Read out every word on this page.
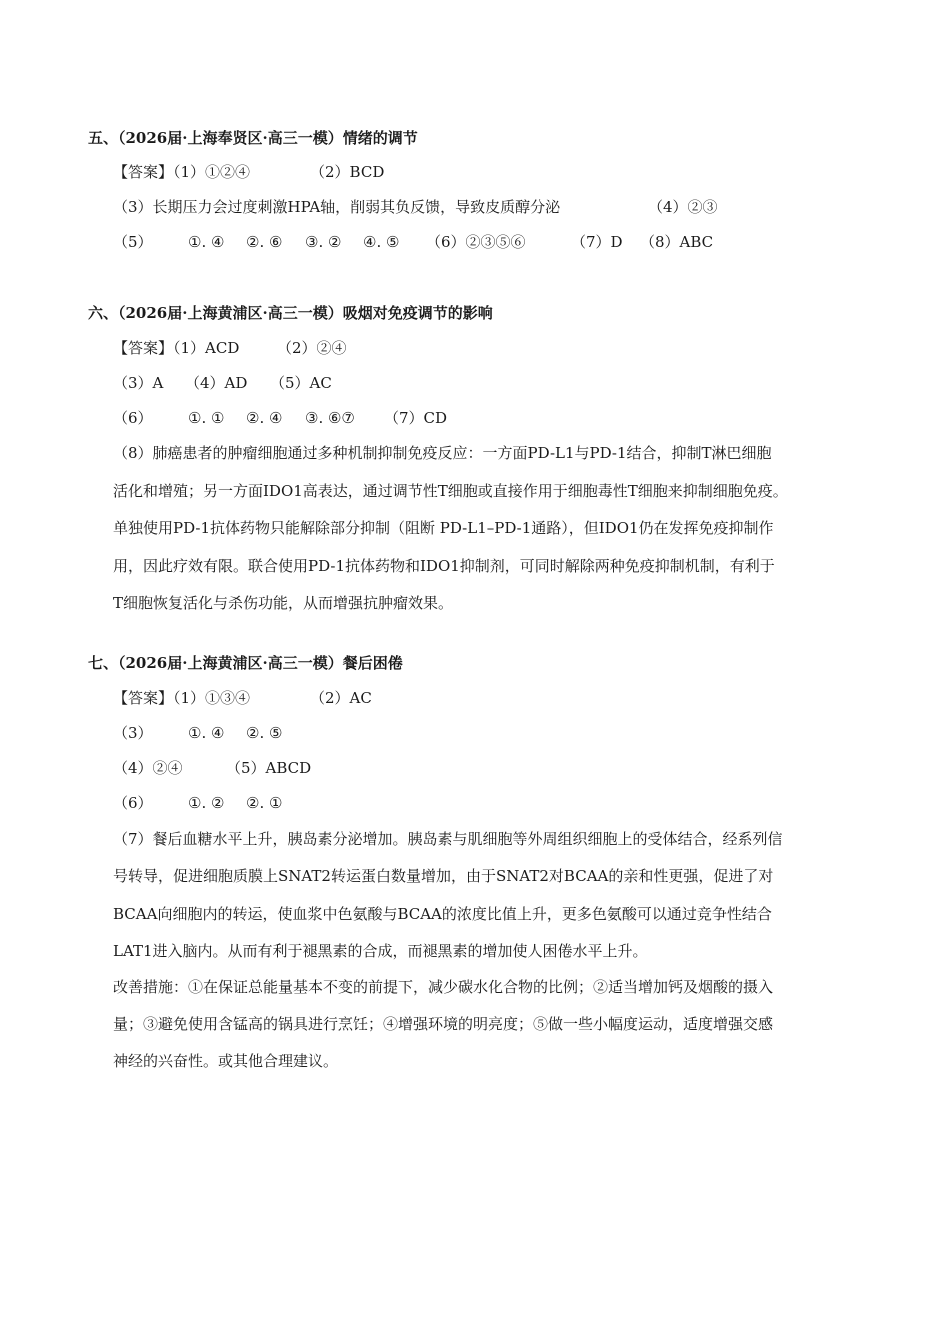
五、（2026届·上海奉贤区·高三一模）情绪的调节
【答案】（1）①②④	（2）BCD
（3）长期压力会过度刺激HPA轴，削弱其负反馈，导致皮质醇分泌	（4）②③
（5） ①. ④ ②. ⑥ ③. ② ④. ⑤ （6）②③⑤⑥	（7）D （8）ABC
六、（2026届·上海黄浦区·高三一模）吸烟对免疫调节的影响
【答案】（1）ACD	（2）②④
（3）A （4）AD （5）AC
（6） ①. ① ②. ④ ③. ⑥⑦ （7）CD
（8）肺癌患者的肿瘤细胞通过多种机制抑制免疫反应：一方面PD-L1与PD-1结合，抑制T淋巴细胞
活化和增殖；另一方面IDO1高表达，通过调节性T细胞或直接作用于细胞毒性T细胞来抑制细胞免疫。
单独使用PD-1抗体药物只能解除部分抑制（阻断 PD-L1–PD-1通路），但IDO1仍在发挥免疫抑制作
用，因此疗效有限。联合使用PD-1抗体药物和IDO1抑制剂，可同时解除两种免疫抑制机制，有利于
T细胞恢复活化与杀伤功能，从而增强抗肿瘤效果。
七、（2026届·上海黄浦区·高三一模）餐后困倦
【答案】（1）①③④	（2）AC
（3） ①. ④ ②. ⑤
（4）②④	（5）ABCD
（6） ①. ② ②. ①
（7）餐后血糖水平上升，胰岛素分泌增加。胰岛素与肌细胞等外周组织细胞上的受体结合，经系列信
号转导，促进细胞质膜上SNAT2转运蛋白数量增加，由于SNAT2对BCAA的亲和性更强，促进了对
BCAA向细胞内的转运，使血浆中色氨酸与BCAA的浓度比值上升，更多色氨酸可以通过竞争性结合
LAT1进入脑内。从而有利于褪黑素的合成，而褪黑素的增加使人困倦水平上升。
改善措施：①在保证总能量基本不变的前提下，减少碳水化合物的比例；②适当增加钙及烟酸的摄入
量；③避免使用含锰高的锅具进行烹饪；④增强环境的明亮度；⑤做一些小幅度运动，适度增强交感
神经的兴奋性。或其他合理建议。
